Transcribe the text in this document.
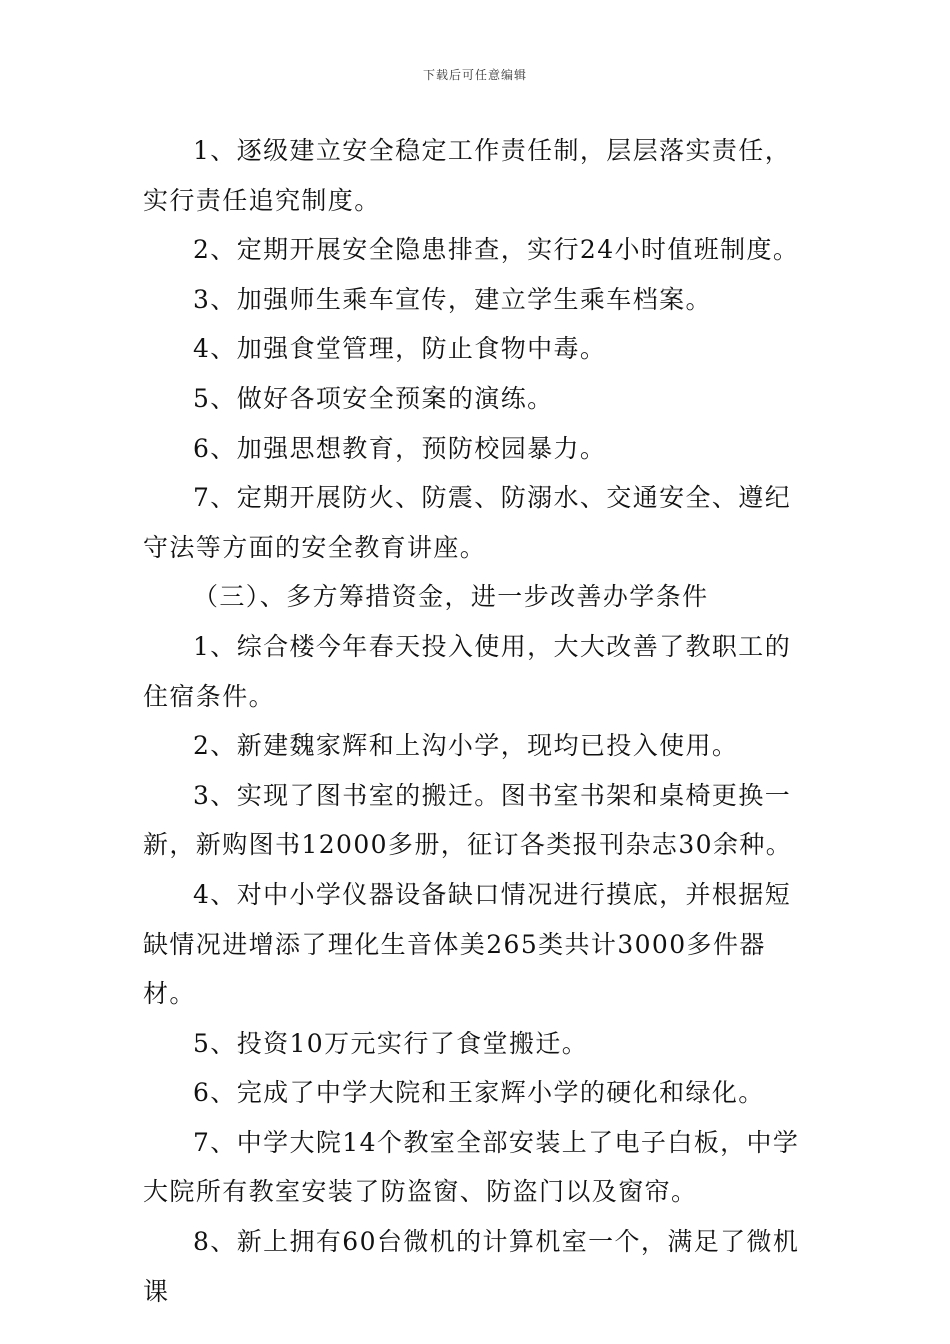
下载后可任意编辑

1、逐级建立安全稳定工作责任制，层层落实责任，实行责任追究制度。

2、定期开展安全隐患排查，实行24小时值班制度。

3、加强师生乘车宣传，建立学生乘车档案。

4、加强食堂管理，防止食物中毒。

5、做好各项安全预案的演练。

6、加强思想教育，预防校园暴力。

7、定期开展防火、防震、防溺水、交通安全、遵纪守法等方面的安全教育讲座。

（三）、多方筹措资金，进一步改善办学条件

1、综合楼今年春天投入使用，大大改善了教职工的住宿条件。

2、新建魏家辉和上沟小学，现均已投入使用。

3、实现了图书室的搬迁。图书室书架和桌椅更换一新，新购图书12000多册，征订各类报刊杂志30余种。

4、对中小学仪器设备缺口情况进行摸底，并根据短缺情况进增添了理化生音体美265类共计3000多件器材。

5、投资10万元实行了食堂搬迁。

6、完成了中学大院和王家辉小学的硬化和绿化。

7、中学大院14个教室全部安装上了电子白板，中学大院所有教室安装了防盗窗、防盗门以及窗帘。

8、新上拥有60台微机的计算机室一个，满足了微机课
